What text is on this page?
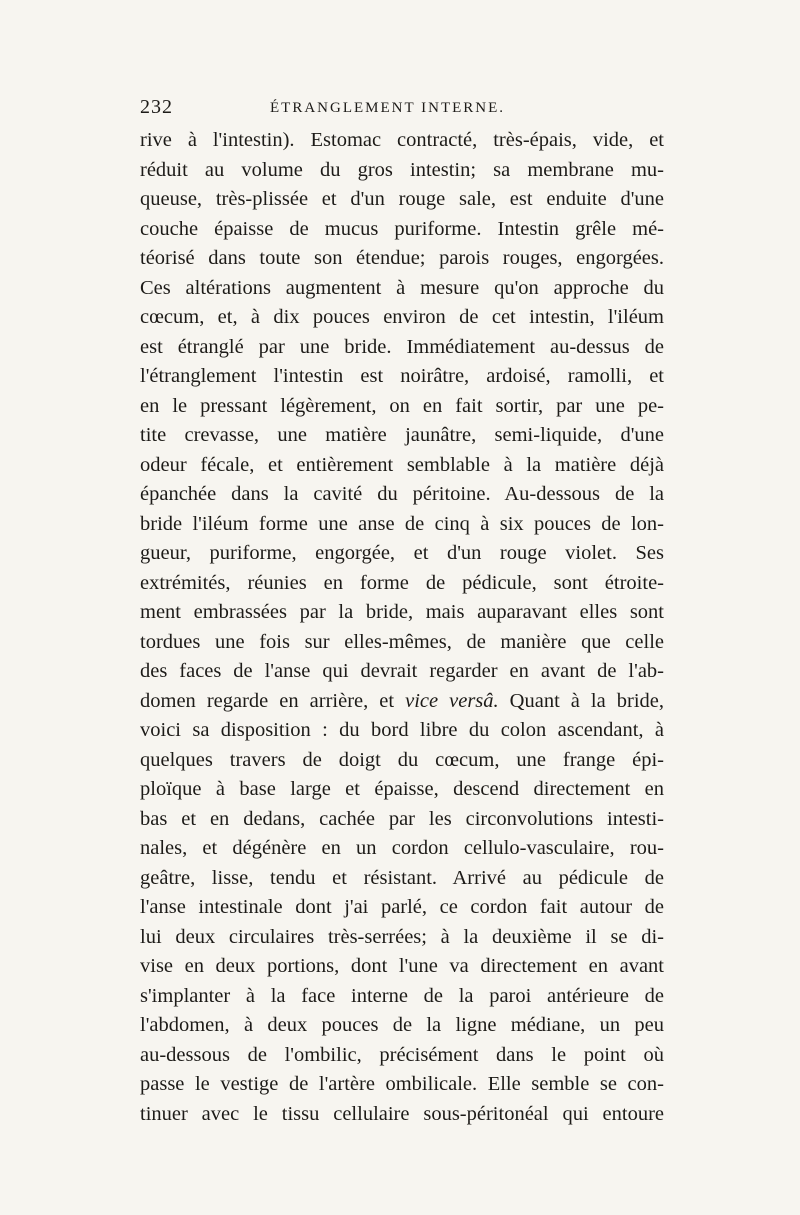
232	ÉTRANGLEMENT INTERNE.
rive à l'intestin). Estomac contracté, très-épais, vide, et
réduit au volume du gros intestin; sa membrane mu-
queuse, très-plissée et d'un rouge sale, est enduite d'une
couche épaisse de mucus puriforme. Intestin grêle mé-
téorisé dans toute son étendue; parois rouges, engorgées.
Ces altérations augmentent à mesure qu'on approche du
cœcum, et, à dix pouces environ de cet intestin, l'iléum
est étranglé par une bride. Immédiatement au-dessus de
l'étranglement l'intestin est noirâtre, ardoisé, ramolli, et
en le pressant légèrement, on en fait sortir, par une pe-
tite crevasse, une matière jaunâtre, semi-liquide, d'une
odeur fécale, et entièrement semblable à la matière déjà
épanchée dans la cavité du péritoine. Au-dessous de la
bride l'iléum forme une anse de cinq à six pouces de lon-
gueur, puriforme, engorgée, et d'un rouge violet. Ses
extrémités, réunies en forme de pédicule, sont étroite-
ment embrassées par la bride, mais auparavant elles sont
tordues une fois sur elles-mêmes, de manière que celle
des faces de l'anse qui devrait regarder en avant de l'ab-
domen regarde en arrière, et vice versâ. Quant à la bride,
voici sa disposition : du bord libre du colon ascendant, à
quelques travers de doigt du cœcum, une frange épi-
ploïque à base large et épaisse, descend directement en
bas et en dedans, cachée par les circonvolutions intesti-
nales, et dégénère en un cordon cellulo-vasculaire, rou-
geâtre, lisse, tendu et résistant. Arrivé au pédicule de
l'anse intestinale dont j'ai parlé, ce cordon fait autour de
lui deux circulaires très-serrées; à la deuxième il se di-
vise en deux portions, dont l'une va directement en avant
s'implanter à la face interne de la paroi antérieure de
l'abdomen, à deux pouces de la ligne médiane, un peu
au-dessous de l'ombilic, précisément dans le point où
passe le vestige de l'artère ombilicale. Elle semble se con-
tinuer avec le tissu cellulaire sous-péritonéal qui entoure
